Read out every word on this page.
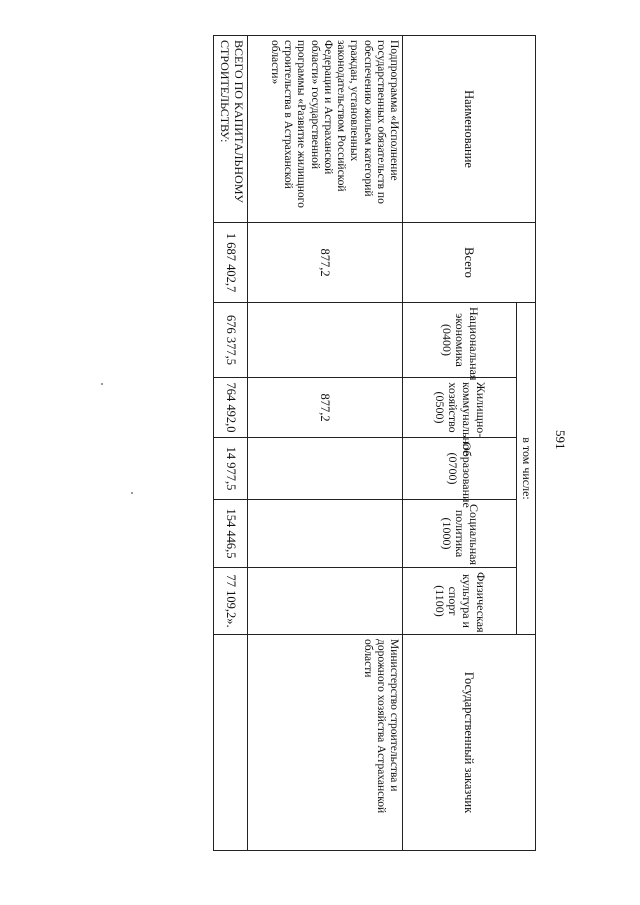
591
Наименование	Всего	в том числе:					Государственный заказчик
		Национальная экономика (0400)	Жилищно-коммунальное хозяйство (0500)	Образование (0700)	Социальная политика (1000)	Физическая культура и спорт (1100)	
Подпрограмма «Исполнение государственных обязательств по обеспечению жильем категорий граждан, установленных законодательством Российской Федерации и Астраханской области» государственной программы «Развитие жилищного строительства в Астраханской области»	877,2		877,2				Министерство строительства и дорожного хозяйства Астраханской области
ВСЕГО ПО КАПИТАЛЬНОМУ СТРОИТЕЛЬСТВУ:	1 687 402,7	676 377,5	764 492,0	14 977,5	154 446,5	77 109,2».	
